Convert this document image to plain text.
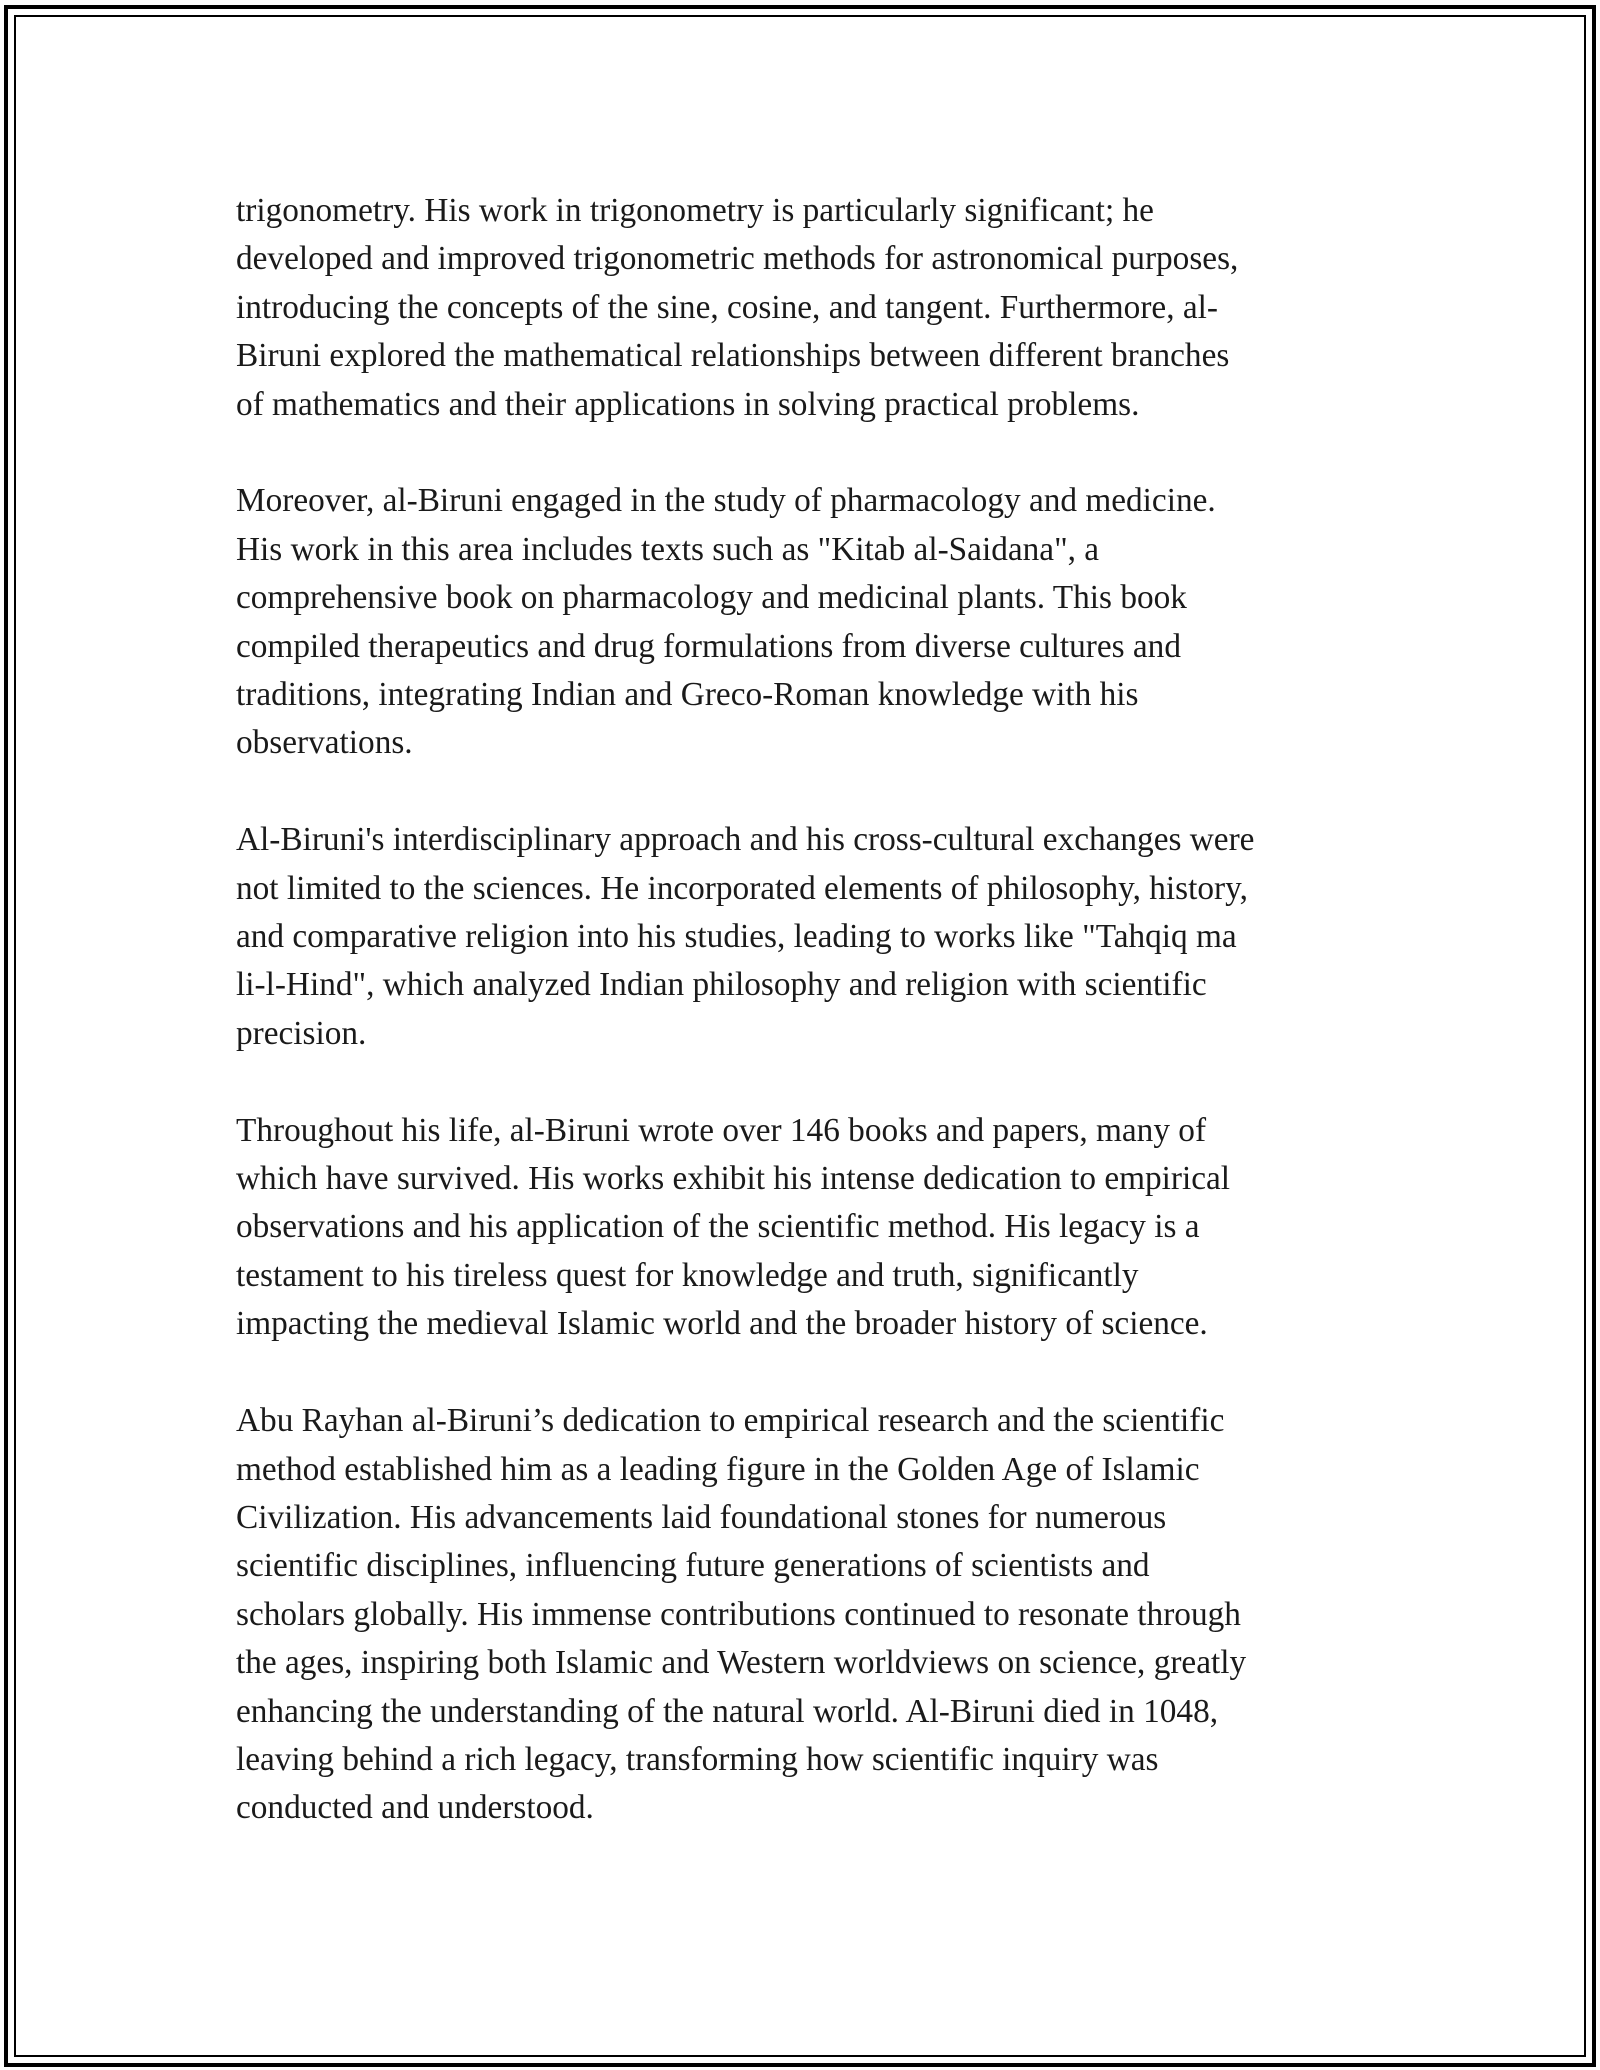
trigonometry. His work in trigonometry is particularly significant; he
developed and improved trigonometric methods for astronomical purposes,
introducing the concepts of the sine, cosine, and tangent. Furthermore, al-
Biruni explored the mathematical relationships between different branches
of mathematics and their applications in solving practical problems.

Moreover, al-Biruni engaged in the study of pharmacology and medicine.
His work in this area includes texts such as "Kitab al-Saidana", a
comprehensive book on pharmacology and medicinal plants. This book
compiled therapeutics and drug formulations from diverse cultures and
traditions, integrating Indian and Greco-Roman knowledge with his
observations.

Al-Biruni's interdisciplinary approach and his cross-cultural exchanges were
not limited to the sciences. He incorporated elements of philosophy, history,
and comparative religion into his studies, leading to works like "Tahqiq ma
li-l-Hind", which analyzed Indian philosophy and religion with scientific
precision.

Throughout his life, al-Biruni wrote over 146 books and papers, many of
which have survived. His works exhibit his intense dedication to empirical
observations and his application of the scientific method. His legacy is a
testament to his tireless quest for knowledge and truth, significantly
impacting the medieval Islamic world and the broader history of science.

Abu Rayhan al-Biruni’s dedication to empirical research and the scientific
method established him as a leading figure in the Golden Age of Islamic
Civilization. His advancements laid foundational stones for numerous
scientific disciplines, influencing future generations of scientists and
scholars globally. His immense contributions continued to resonate through
the ages, inspiring both Islamic and Western worldviews on science, greatly
enhancing the understanding of the natural world. Al-Biruni died in 1048,
leaving behind a rich legacy, transforming how scientific inquiry was
conducted and understood.
